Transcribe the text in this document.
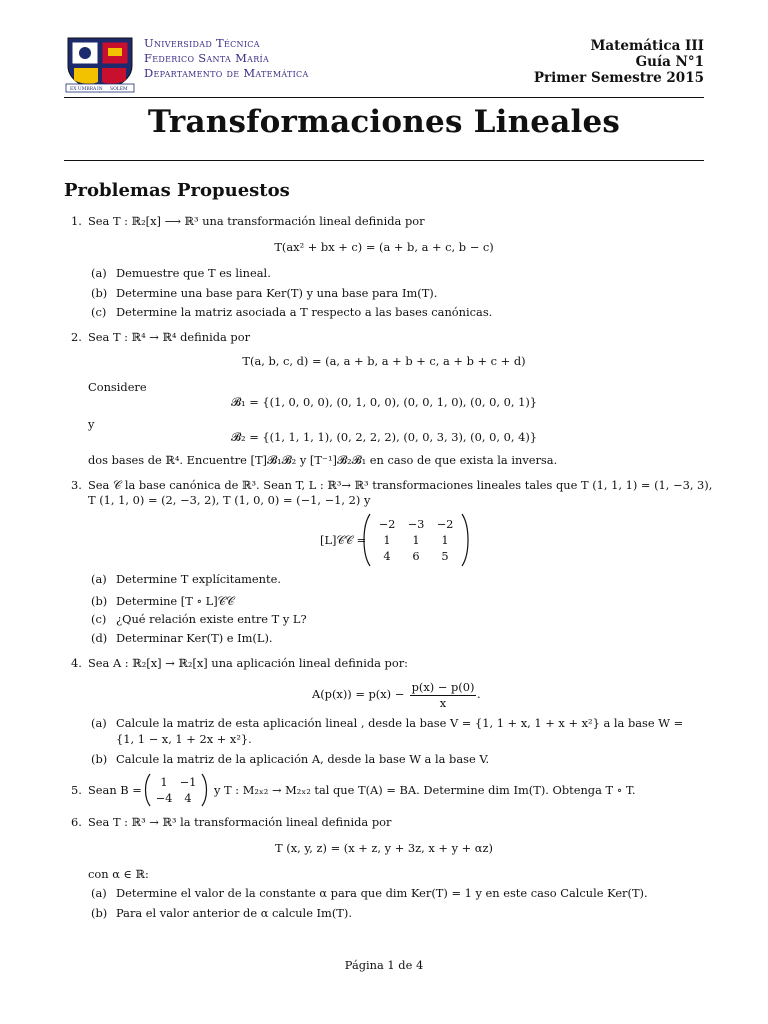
EX UMBRA IN SOLEM
Universidad Técnica
Federico Santa María
Departamento de Matemática
Matemática III
Guía N°1
Primer Semestre 2015
Transformaciones Lineales
Problemas Propuestos
1. Sea T : ℝ₂[x] ⟶ ℝ³ una transformación lineal definida por
T(ax² + bx + c) = (a + b, a + c, b − c)
(a) Demuestre que T es lineal.
(b) Determine una base para Ker(T) y una base para Im(T).
(c) Determine la matriz asociada a T respecto a las bases canónicas.
2. Sea T : ℝ⁴ → ℝ⁴ definida por
T(a, b, c, d) = (a, a + b, a + b + c, a + b + c + d)
Considere
𝓑₁ = {(1, 0, 0, 0), (0, 1, 0, 0), (0, 0, 1, 0), (0, 0, 0, 1)}
y
𝓑₂ = {(1, 1, 1, 1), (0, 2, 2, 2), (0, 0, 3, 3), (0, 0, 0, 4)}
dos bases de ℝ⁴. Encuentre [T]𝓑₁𝓑₂ y [T⁻¹]𝓑₂𝓑₁ en caso de que exista la inversa.
3. Sea 𝒞 la base canónica de ℝ³. Sean T, L : ℝ³→ ℝ³ transformaciones lineales tales que T (1, 1, 1) = (1, −3, 3),
T (1, 1, 0) = (2, −3, 2), T (1, 0, 0) = (−1, −1, 2) y
[L]𝒞𝒞 =
−2 −3 −2
1 1 1
4 6 5
(a) Determine T explícitamente.
(b) Determine [T ∘ L]𝒞𝒞
(c) ¿Qué relación existe entre T y L?
(d) Determinar Ker(T) e Im(L).
4. Sea A : ℝ₂[x] → ℝ₂[x] una aplicación lineal definida por:
$A(p(x)) = p(x) - \frac{p(x) - p(0)}{x}$ .
(a) Calcule la matriz de esta aplicación lineal , desde la base V = {1, 1 + x, 1 + x + x²} a la base W =
{1, 1 − x, 1 + 2x + x²}.
(b) Calcule la matriz de la aplicación A, desde la base W a la base V.
5. Sean B =
1 −1
−4 4
y T : M₂ₓ₂ → M₂ₓ₂ tal que T(A) = BA. Determine dim Im(T). Obtenga T ∘ T.
6. Sea T : ℝ³ → ℝ³ la transformación lineal definida por
T (x, y, z) = (x + z, y + 3z, x + y + αz)
con α ∈ ℝ:
(a) Determine el valor de la constante α para que dim Ker(T) = 1 y en este caso Calcule Ker(T).
(b) Para el valor anterior de α calcule Im(T).
Página 1 de 4
